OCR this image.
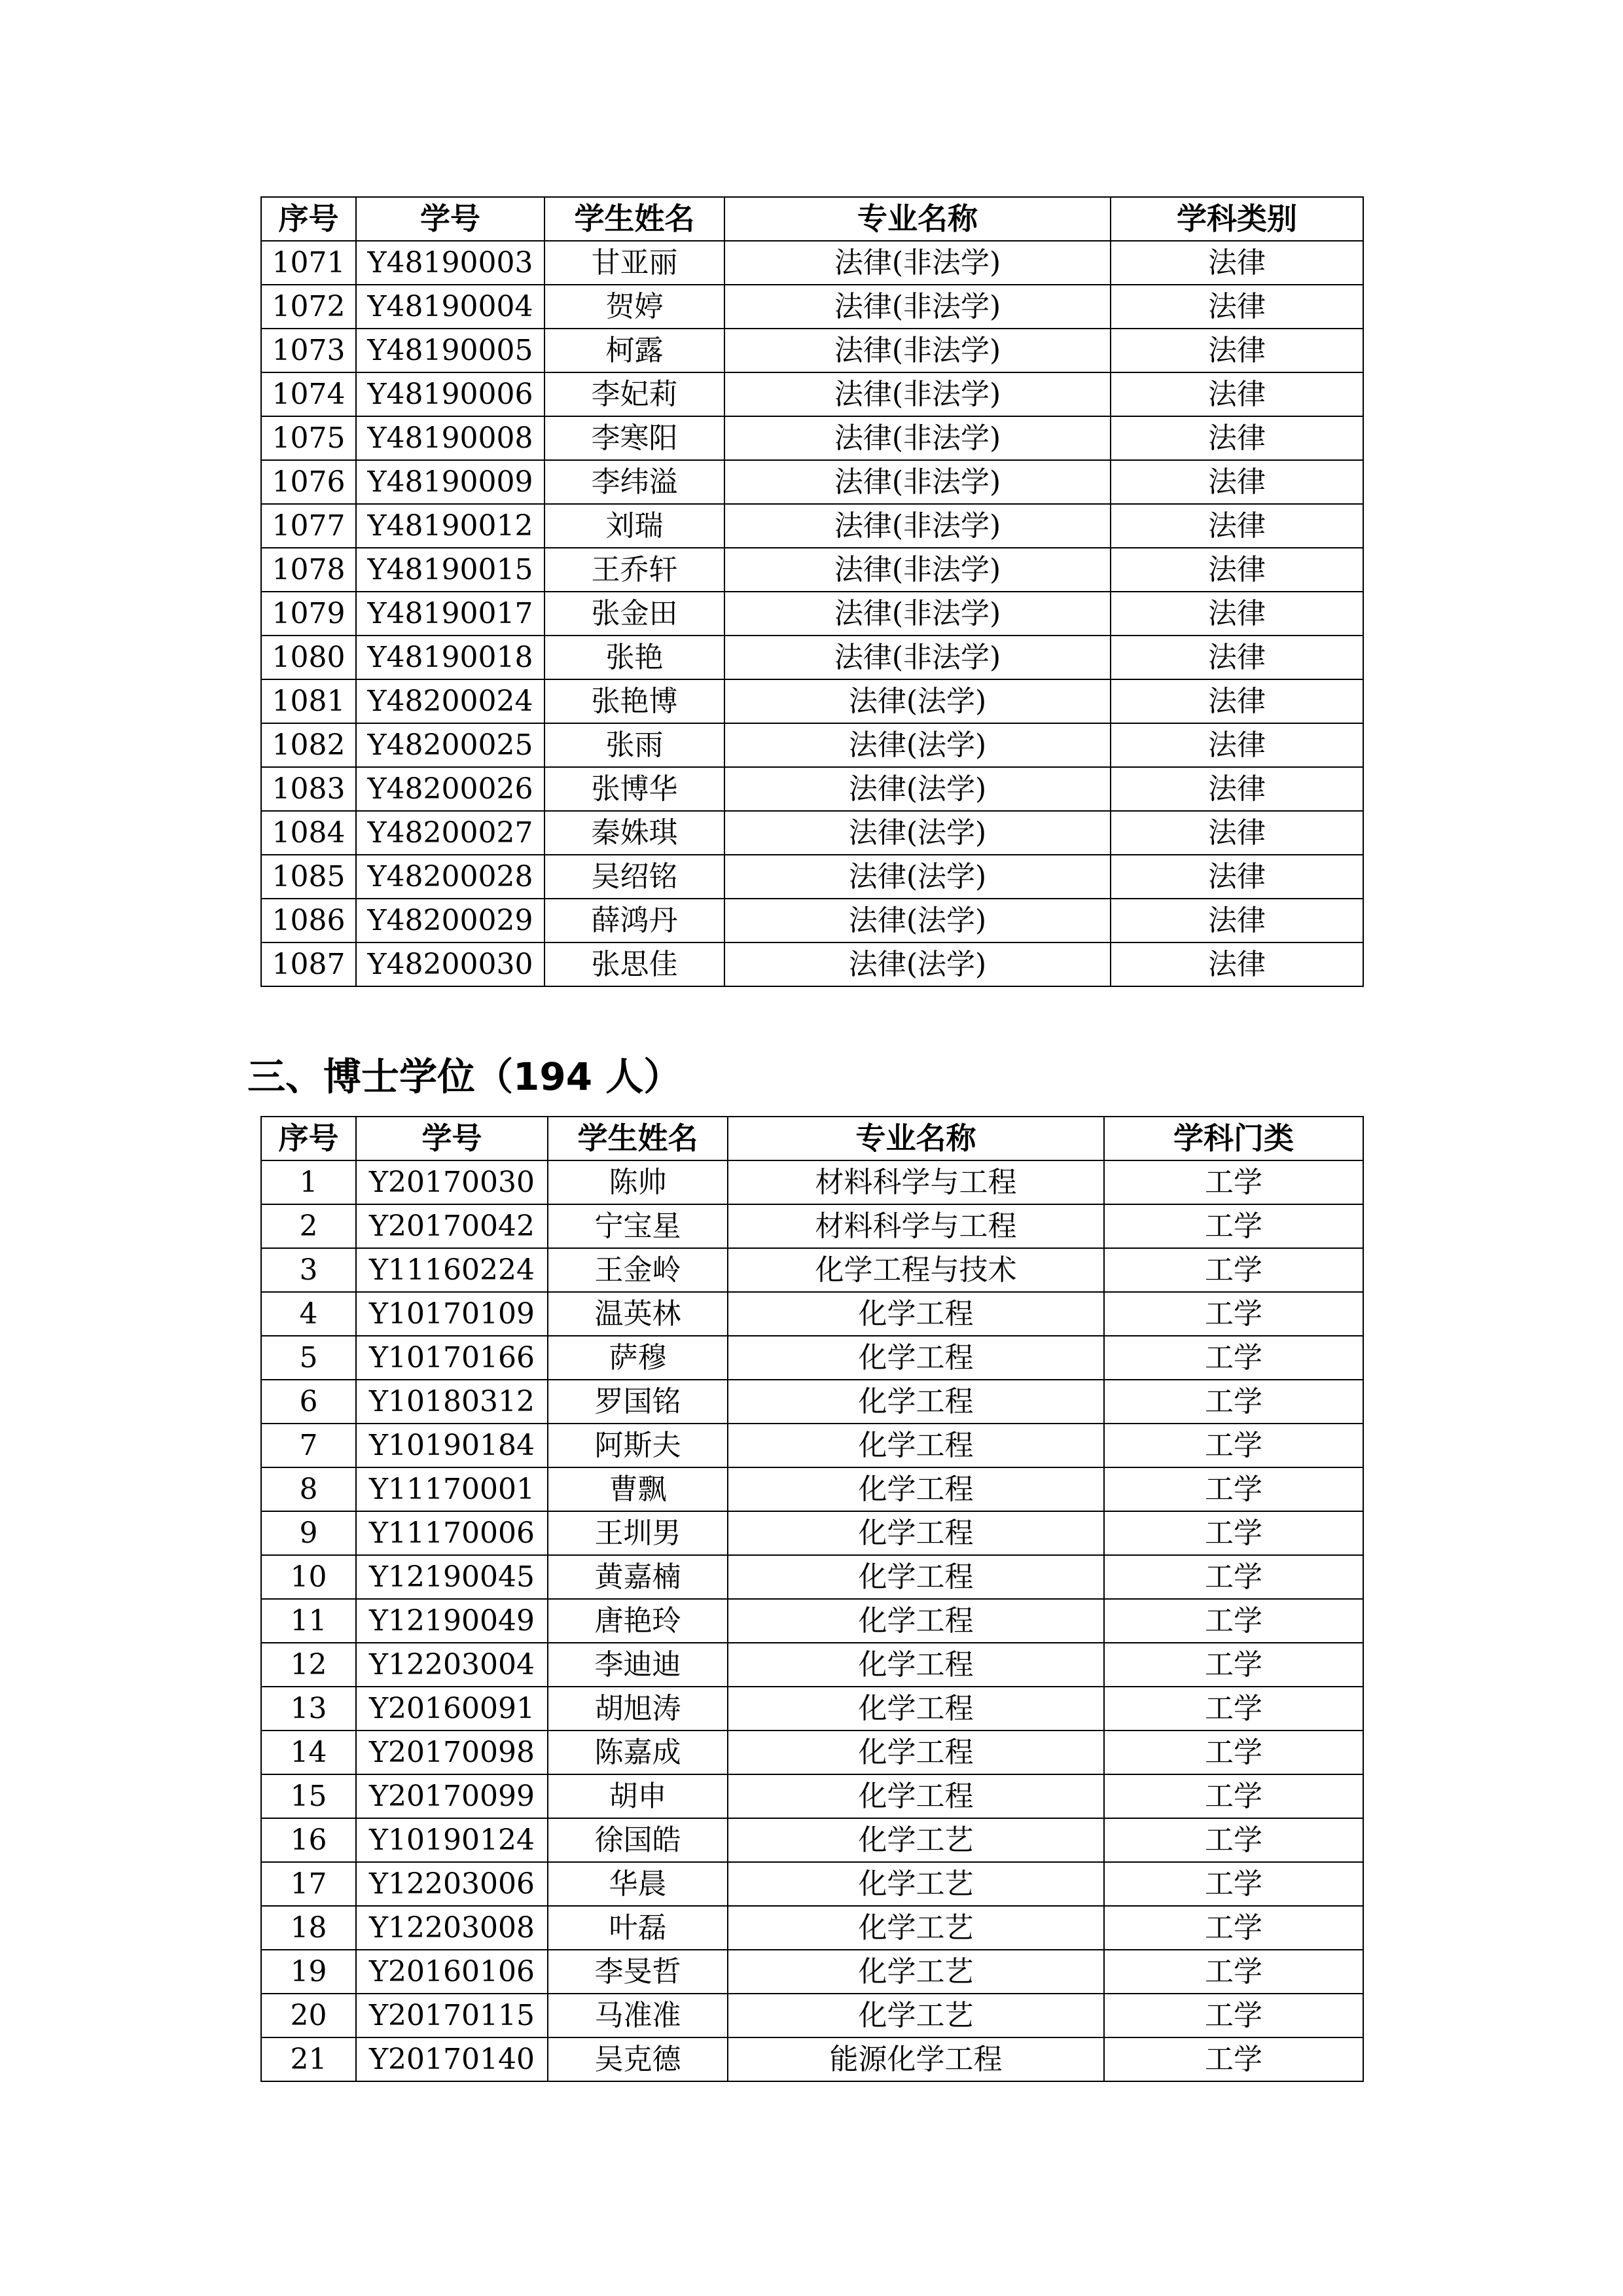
序号	学号	学生姓名	专业名称	学科类别
1071	Y48190003	甘亚丽	法律(非法学)	法律
1072	Y48190004	贺婷	法律(非法学)	法律
1073	Y48190005	柯露	法律(非法学)	法律
1074	Y48190006	李妃莉	法律(非法学)	法律
1075	Y48190008	李寒阳	法律(非法学)	法律
1076	Y48190009	李纬溢	法律(非法学)	法律
1077	Y48190012	刘瑞	法律(非法学)	法律
1078	Y48190015	王乔轩	法律(非法学)	法律
1079	Y48190017	张金田	法律(非法学)	法律
1080	Y48190018	张艳	法律(非法学)	法律
1081	Y48200024	张艳博	法律(法学)	法律
1082	Y48200025	张雨	法律(法学)	法律
1083	Y48200026	张博华	法律(法学)	法律
1084	Y48200027	秦姝琪	法律(法学)	法律
1085	Y48200028	吴绍铭	法律(法学)	法律
1086	Y48200029	薛鸿丹	法律(法学)	法律
1087	Y48200030	张思佳	法律(法学)	法律
三、博士学位（194 人）
序号	学号	学生姓名	专业名称	学科门类
1	Y20170030	陈帅	材料科学与工程	工学
2	Y20170042	宁宝星	材料科学与工程	工学
3	Y11160224	王金岭	化学工程与技术	工学
4	Y10170109	温英林	化学工程	工学
5	Y10170166	萨穆	化学工程	工学
6	Y10180312	罗国铭	化学工程	工学
7	Y10190184	阿斯夫	化学工程	工学
8	Y11170001	曹飘	化学工程	工学
9	Y11170006	王圳男	化学工程	工学
10	Y12190045	黄嘉楠	化学工程	工学
11	Y12190049	唐艳玲	化学工程	工学
12	Y12203004	李迪迪	化学工程	工学
13	Y20160091	胡旭涛	化学工程	工学
14	Y20170098	陈嘉成	化学工程	工学
15	Y20170099	胡申	化学工程	工学
16	Y10190124	徐国皓	化学工艺	工学
17	Y12203006	华晨	化学工艺	工学
18	Y12203008	叶磊	化学工艺	工学
19	Y20160106	李旻哲	化学工艺	工学
20	Y20170115	马准准	化学工艺	工学
21	Y20170140	吴克德	能源化学工程	工学
